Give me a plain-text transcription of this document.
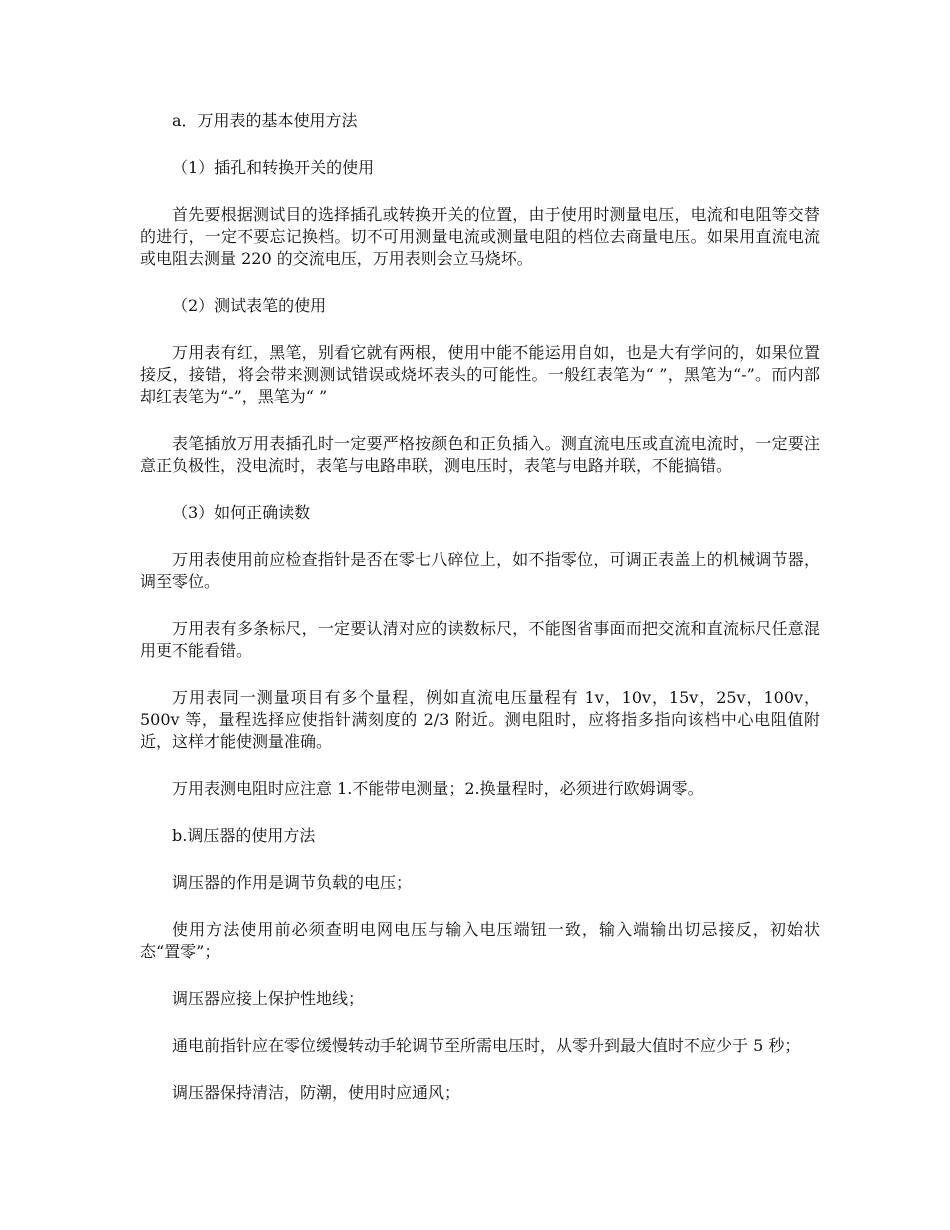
a．万用表的基本使用方法

（1）插孔和转换开关的使用

首先要根据测试目的选择插孔或转换开关的位置，由于使用时测量电压，电流和电阻等交替的进行，一定不要忘记换档。切不可用测量电流或测量电阻的档位去商量电压。如果用直流电流或电阻去测量 220 的交流电压，万用表则会立马烧坏。

（2）测试表笔的使用

万用表有红，黑笔，别看它就有两根，使用中能不能运用自如，也是大有学问的，如果位置接反，接错，将会带来测测试错误或烧坏表头的可能性。一般红表笔为“ ”，黑笔为“-”。而内部却红表笔为“-”，黑笔为“ ”

表笔插放万用表插孔时一定要严格按颜色和正负插入。测直流电压或直流电流时，一定要注意正负极性，没电流时，表笔与电路串联，测电压时，表笔与电路并联，不能搞错。

（3）如何正确读数

万用表使用前应检查指针是否在零七八碎位上，如不指零位，可调正表盖上的机械调节器，调至零位。

万用表有多条标尺，一定要认清对应的读数标尺，不能图省事面而把交流和直流标尺任意混用更不能看错。

万用表同一测量项目有多个量程，例如直流电压量程有 1v，10v，15v，25v，100v，500v 等，量程选择应使指针满刻度的 2/3 附近。测电阻时，应将指多指向该档中心电阻值附近，这样才能使测量准确。

万用表测电阻时应注意 1.不能带电测量；2.换量程时，必须进行欧姆调零。

b.调压器的使用方法

调压器的作用是调节负载的电压；

使用方法使用前必须查明电网电压与输入电压端钮一致，输入端输出切忌接反，初始状态“置零”；

调压器应接上保护性地线；

通电前指针应在零位缓慢转动手轮调节至所需电压时，从零升到最大值时不应少于 5 秒；

调压器保持清洁，防潮，使用时应通风；
